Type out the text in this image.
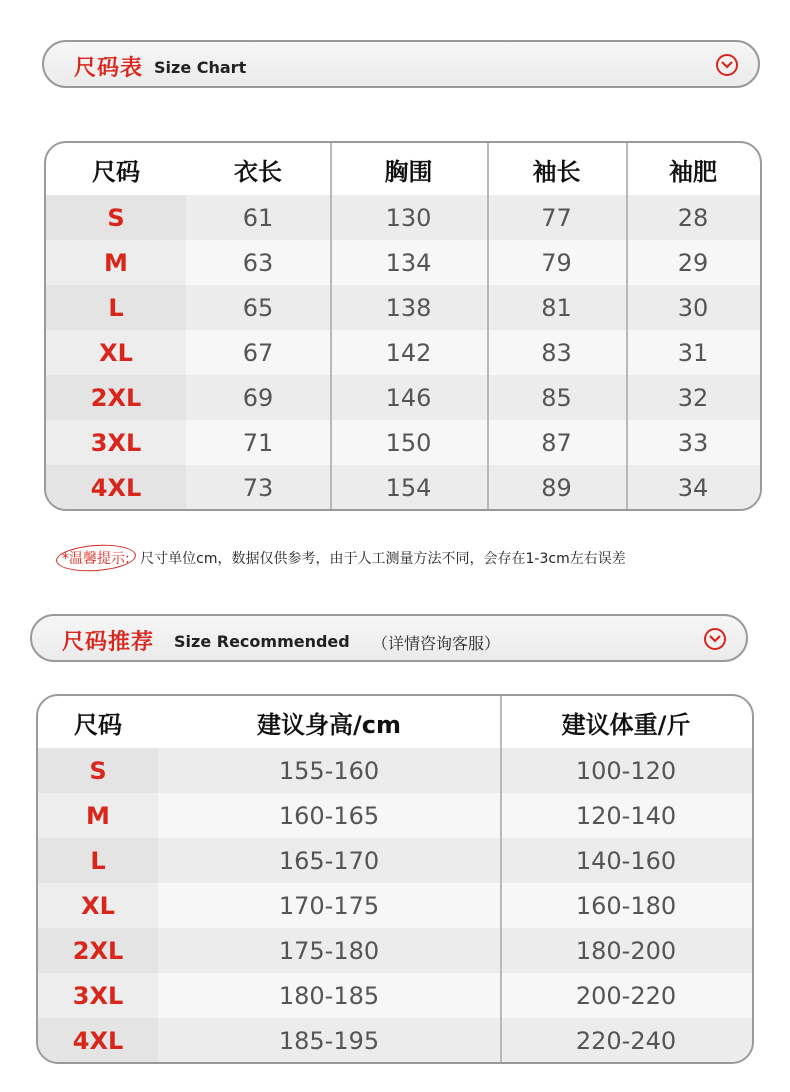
尺码表 Size Chart
尺码	衣长	胸围	袖长	袖肥
S	61	130	77	28
M	63	134	79	29
L	65	138	81	30
XL	67	142	83	31
2XL	69	146	85	32
3XL	71	150	87	33
4XL	73	154	89	34
*温馨提示: 尺寸单位cm，数据仅供参考，由于人工测量方法不同，会存在1-3cm左右误差
尺码推荐 Size Recommended （详情咨询客服）
尺码	建议身高/cm	建议体重/斤
S	155-160	100-120
M	160-165	120-140
L	165-170	140-160
XL	170-175	160-180
2XL	175-180	180-200
3XL	180-185	200-220
4XL	185-195	220-240
